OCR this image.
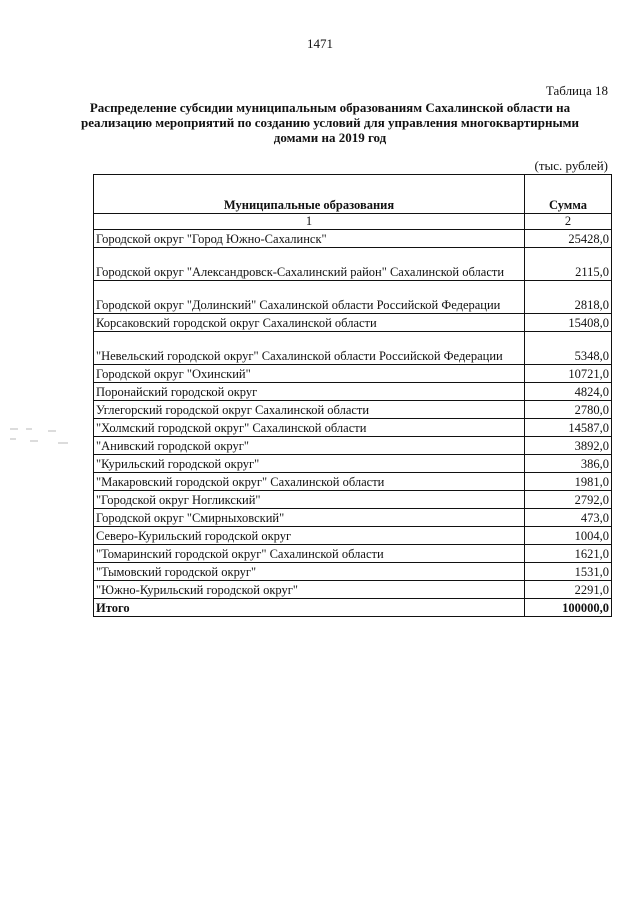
1471
Таблица 18
Распределение субсидии муниципальным образованиям Сахалинской области на реализацию мероприятий по созданию условий для управления многоквартирными домами на 2019 год
(тыс. рублей)
Муниципальные образования	Сумма
1	2
Городской округ "Город Южно-Сахалинск"	25428,0
Городской округ "Александровск-Сахалинский район" Сахалинской области	2115,0
Городской округ "Долинский" Сахалинской области Российской Федерации	2818,0
Корсаковский городской округ Сахалинской области	15408,0
"Невельский городской округ" Сахалинской области Российской Федерации	5348,0
Городской округ "Охинский"	10721,0
Поронайский городской округ	4824,0
Углегорский городской округ Сахалинской области	2780,0
"Холмский городской округ" Сахалинской области	14587,0
"Анивский городской округ"	3892,0
"Курильский городской округ"	386,0
"Макаровский городской округ" Сахалинской области	1981,0
"Городской округ Ногликский"	2792,0
Городской округ "Смирныховский"	473,0
Северо-Курильский городской округ	1004,0
"Томаринский городской округ" Сахалинской области	1621,0
"Тымовский городской округ"	1531,0
"Южно-Курильский городской округ"	2291,0
Итого	100000,0
